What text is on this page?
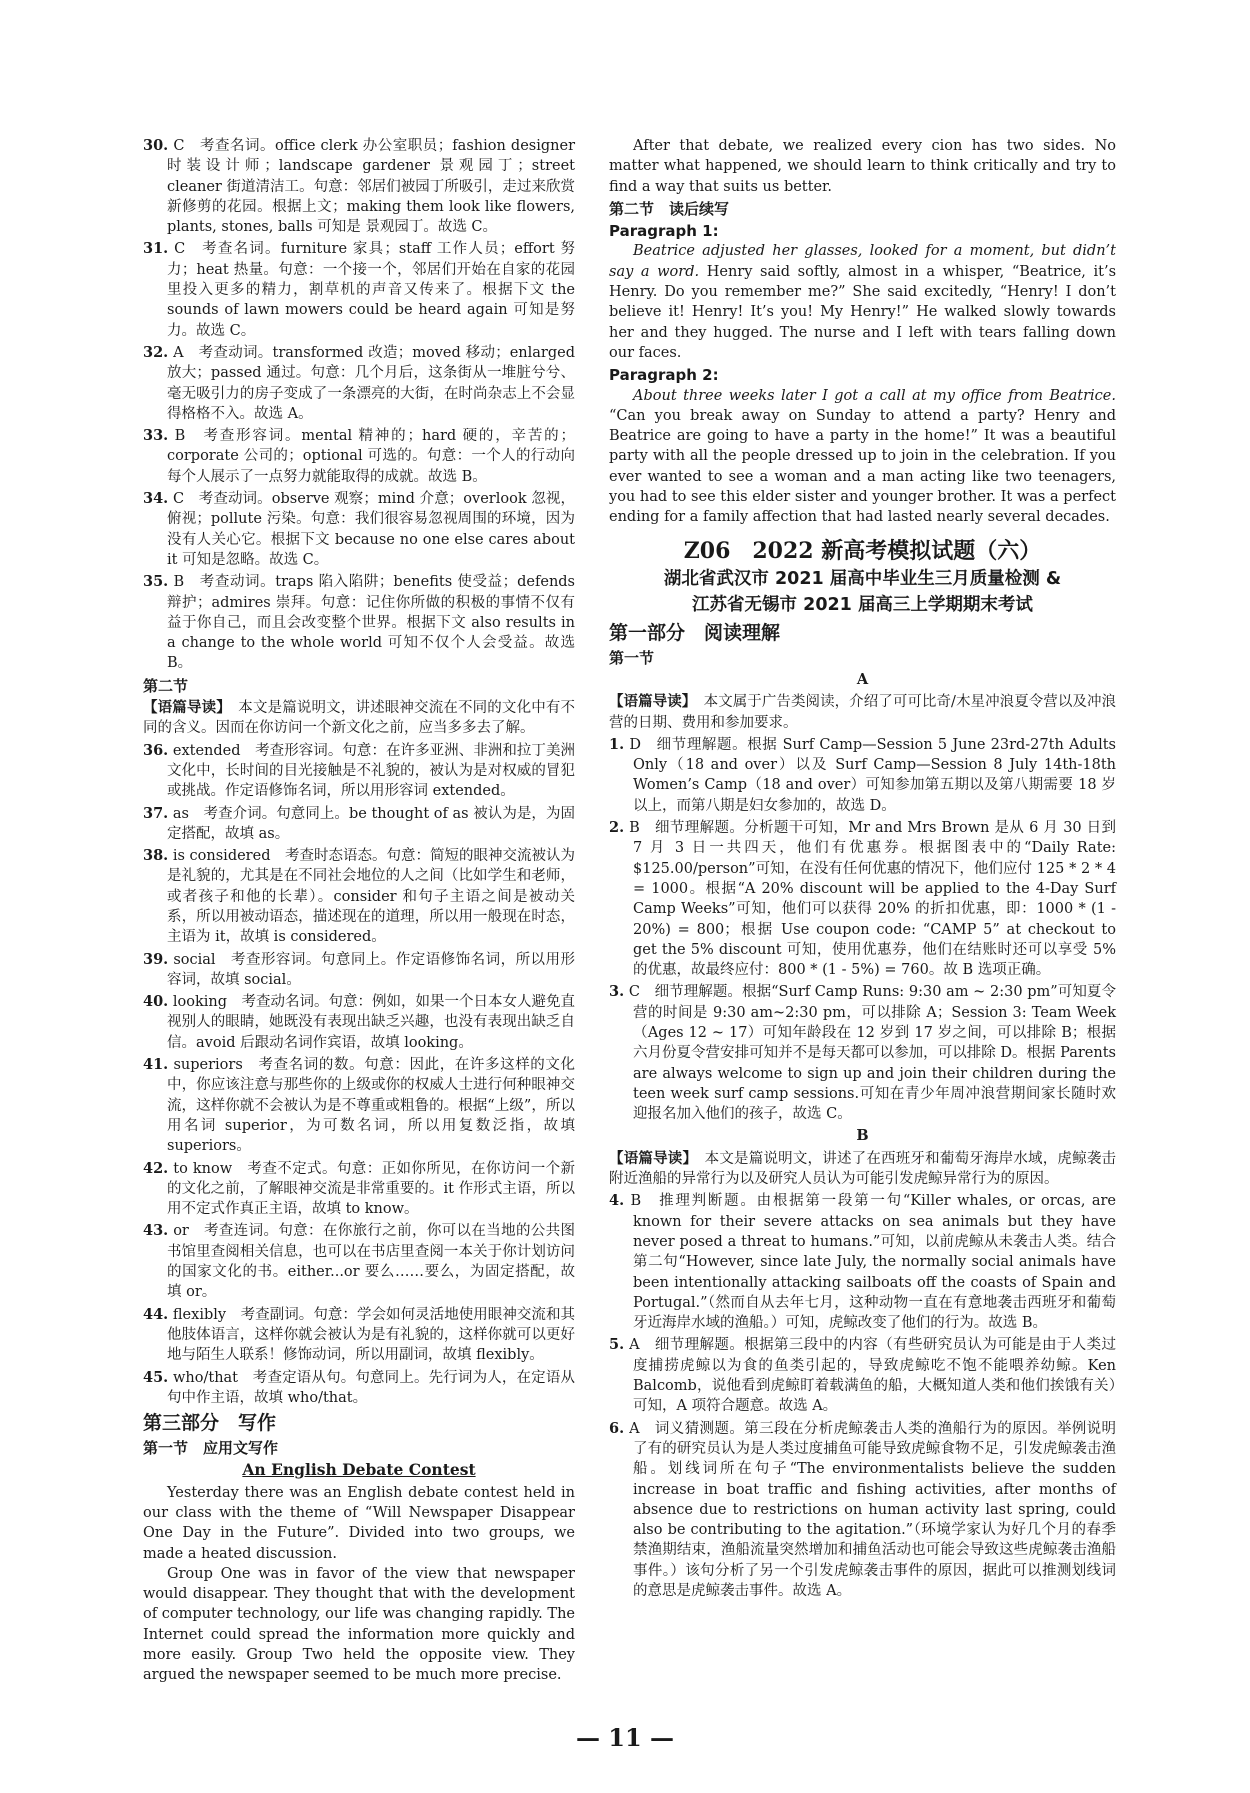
30. C　考查名词。office clerk 办公室职员；fashion designer 时装设计师；landscape gardener 景观园丁；street cleaner 街道清洁工。句意：邻居们被园丁所吸引，走过来欣赏新修剪的花园。根据上文；making them look like flowers, plants, stones, balls 可知是 景观园丁。故选 C。

31. C　考查名词。furniture 家具；staff 工作人员；effort 努力；heat 热量。句意：一个接一个，邻居们开始在自家的花园里投入更多的精力，割草机的声音又传来了。根据下文 the sounds of lawn mowers could be heard again 可知是努力。故选 C。

32. A　考查动词。transformed 改造；moved 移动；enlarged 放大；passed 通过。句意：几个月后，这条街从一堆脏兮兮、毫无吸引力的房子变成了一条漂亮的大街，在时尚杂志上不会显得格格不入。故选 A。

33. B　考查形容词。mental 精神的；hard 硬的，辛苦的；corporate 公司的；optional 可选的。句意：一个人的行动向每个人展示了一点努力就能取得的成就。故选 B。

34. C　考查动词。observe 观察；mind 介意；overlook 忽视，俯视；pollute 污染。句意：我们很容易忽视周围的环境，因为没有人关心它。根据下文 because no one else cares about it 可知是忽略。故选 C。

35. B　考查动词。traps 陷入陷阱；benefits 使受益；defends 辩护；admires 崇拜。句意：记住你所做的积极的事情不仅有益于你自己，而且会改变整个世界。根据下文 also results in a change to the whole world 可知不仅个人会受益。故选 B。

第二节

【语篇导读】　 本文是篇说明文，讲述眼神交流在不同的文化中有不同的含义。因而在你访问一个新文化之前，应当多多去了解。

36. extended　考查形容词。句意：在许多亚洲、非洲和拉丁美洲文化中，长时间的目光接触是不礼貌的，被认为是对权威的冒犯或挑战。作定语修饰名词，所以用形容词 extended。

37. as　考查介词。句意同上。be thought of as 被认为是，为固定搭配，故填 as。

38. is considered　考查时态语态。句意：简短的眼神交流被认为是礼貌的，尤其是在不同社会地位的人之间（比如学生和老师，或者孩子和他的长辈）。consider 和句子主语之间是被动关系，所以用被动语态，描述现在的道理，所以用一般现在时态，主语为 it，故填 is considered。

39. social　考查形容词。句意同上。作定语修饰名词，所以用形容词，故填 social。

40. looking　考查动名词。句意：例如，如果一个日本女人避免直视别人的眼睛，她既没有表现出缺乏兴趣，也没有表现出缺乏自信。avoid 后跟动名词作宾语，故填 looking。

41. superiors　考查名词的数。句意：因此，在许多这样的文化中，你应该注意与那些你的上级或你的权威人士进行何种眼神交流，这样你就不会被认为是不尊重或粗鲁的。根据“上级”，所以用名词 superior，为可数名词，所以用复数泛指，故填 superiors。

42. to know　考查不定式。句意：正如你所见，在你访问一个新的文化之前，了解眼神交流是非常重要的。it 作形式主语，所以用不定式作真正主语，故填 to know。

43. or　考查连词。句意：在你旅行之前，你可以在当地的公共图书馆里查阅相关信息，也可以在书店里查阅一本关于你计划访问的国家文化的书。either...or 要么……要么，为固定搭配，故填 or。

44. flexibly　考查副词。句意：学会如何灵活地使用眼神交流和其他肢体语言，这样你就会被认为是有礼貌的，这样你就可以更好地与陌生人联系！修饰动词，所以用副词，故填 flexibly。

45. who/that　考查定语从句。句意同上。先行词为人，在定语从句中作主语，故填 who/that。

第三部分　写作
第一节　应用文写作
An English Debate Contest

Yesterday there was an English debate contest held in our class with the theme of “Will Newspaper Disappear One Day in the Future”. Divided into two groups, we made a heated discussion.

Group One was in favor of the view that newspaper would disappear. They thought that with the development of computer technology, our life was changing rapidly. The Internet could spread the information more quickly and more easily. Group Two held the opposite view. They argued the newspaper seemed to be much more precise.

After that debate, we realized every cion has two sides. No matter what happened, we should learn to think critically and try to find a way that suits us better.

第二节　读后续写
Paragraph 1:

Beatrice adjusted her glasses, looked for a moment, but didn’t say a word. Henry said softly, almost in a whisper, “Beatrice, it’s Henry. Do you remember me?” She said excitedly, “Henry! I don’t believe it! Henry! It’s you! My Henry!” He walked slowly towards her and they hugged. The nurse and I left with tears falling down our faces.

Paragraph 2:

About three weeks later I got a call at my office from Beatrice. “Can you break away on Sunday to attend a party? Henry and Beatrice are going to have a party in the home!” It was a beautiful party with all the people dressed up to join in the celebration. If you ever wanted to see a woman and a man acting like two teenagers, you had to see this elder sister and younger brother. It was a perfect ending for a family affection that had lasted nearly several decades.

Z06　2022 新高考模拟试题（六）
湖北省武汉市 2021 届高中毕业生三月质量检测 &
江苏省无锡市 2021 届高三上学期期末考试
第一部分　阅读理解
第一节
A

【语篇导读】　 本文属于广告类阅读，介绍了可可比奇/木星冲浪夏令营以及冲浪营的日期、费用和参加要求。

1. D　细节理解题。根据 Surf Camp—Session 5 June 23rd-27th Adults Only（18 and over）以及 Surf Camp—Session 8 July 14th-18th Women’s Camp（18 and over）可知参加第五期以及第八期需要 18 岁以上，而第八期是妇女参加的，故选 D。

2. B　细节理解题。分析题干可知，Mr and Mrs Brown 是从 6 月 30 日到 7 月 3 日一共四天，他们有优惠券。根据图表中的“Daily Rate: $125.00/person”可知，在没有任何优惠的情况下，他们应付 125 * 2 * 4 = 1000。根据“A 20% discount will be applied to the 4-Day Surf Camp Weeks”可知，他们可以获得 20% 的折扣优惠，即：1000 * (1 - 20%) = 800；根据 Use coupon code: “CAMP 5” at checkout to get the 5% discount 可知，使用优惠券，他们在结账时还可以享受 5% 的优惠，故最终应付：800 * (1 - 5%) = 760。故 B 选项正确。

3. C　细节理解题。根据“Surf Camp Runs: 9:30 am ~ 2:30 pm”可知夏令营的时间是 9:30 am~2:30 pm，可以排除 A；Session 3: Team Week（Ages 12 ~ 17）可知年龄段在 12 岁到 17 岁之间，可以排除 B；根据六月份夏令营安排可知并不是每天都可以参加，可以排除 D。根据 Parents are always welcome to sign up and join their children during the teen week surf camp sessions.可知在青少年周冲浪营期间家长随时欢迎报名加入他们的孩子，故选 C。

B

【语篇导读】　 本文是篇说明文，讲述了在西班牙和葡萄牙海岸水域，虎鲸袭击附近渔船的异常行为以及研究人员认为可能引发虎鲸异常行为的原因。

4. B　推理判断题。由根据第一段第一句“Killer whales, or orcas, are known for their severe attacks on sea animals but they have never posed a threat to humans.”可知，以前虎鲸从未袭击人类。结合第二句“However, since late July, the normally social animals have been intentionally attacking sailboats off the coasts of Spain and Portugal.”（然而自从去年七月，这种动物一直在有意地袭击西班牙和葡萄牙近海岸水域的渔船。）可知，虎鲸改变了他们的行为。故选 B。

5. A　细节理解题。根据第三段中的内容（有些研究员认为可能是由于人类过度捕捞虎鲸以为食的鱼类引起的，导致虎鲸吃不饱不能喂养幼鲸。Ken Balcomb，说他看到虎鲸盯着载满鱼的船，大概知道人类和他们挨饿有关）可知，A 项符合题意。故选 A。

6. A　词义猜测题。第三段在分析虎鲸袭击人类的渔船行为的原因。举例说明了有的研究员认为是人类过度捕鱼可能导致虎鲸食物不足，引发虎鲸袭击渔船。划线词所在句子“The environmentalists believe the sudden increase in boat traffic and fishing activities, after months of absence due to restrictions on human activity last spring, could also be contributing to the agitation.”（环境学家认为好几个月的春季禁渔期结束，渔船流量突然增加和捕鱼活动也可能会导致这些虎鲸袭击渔船事件。）该句分析了另一个引发虎鲸袭击事件的原因，据此可以推测划线词的意思是虎鲸袭击事件。故选 A。

— 11 —
